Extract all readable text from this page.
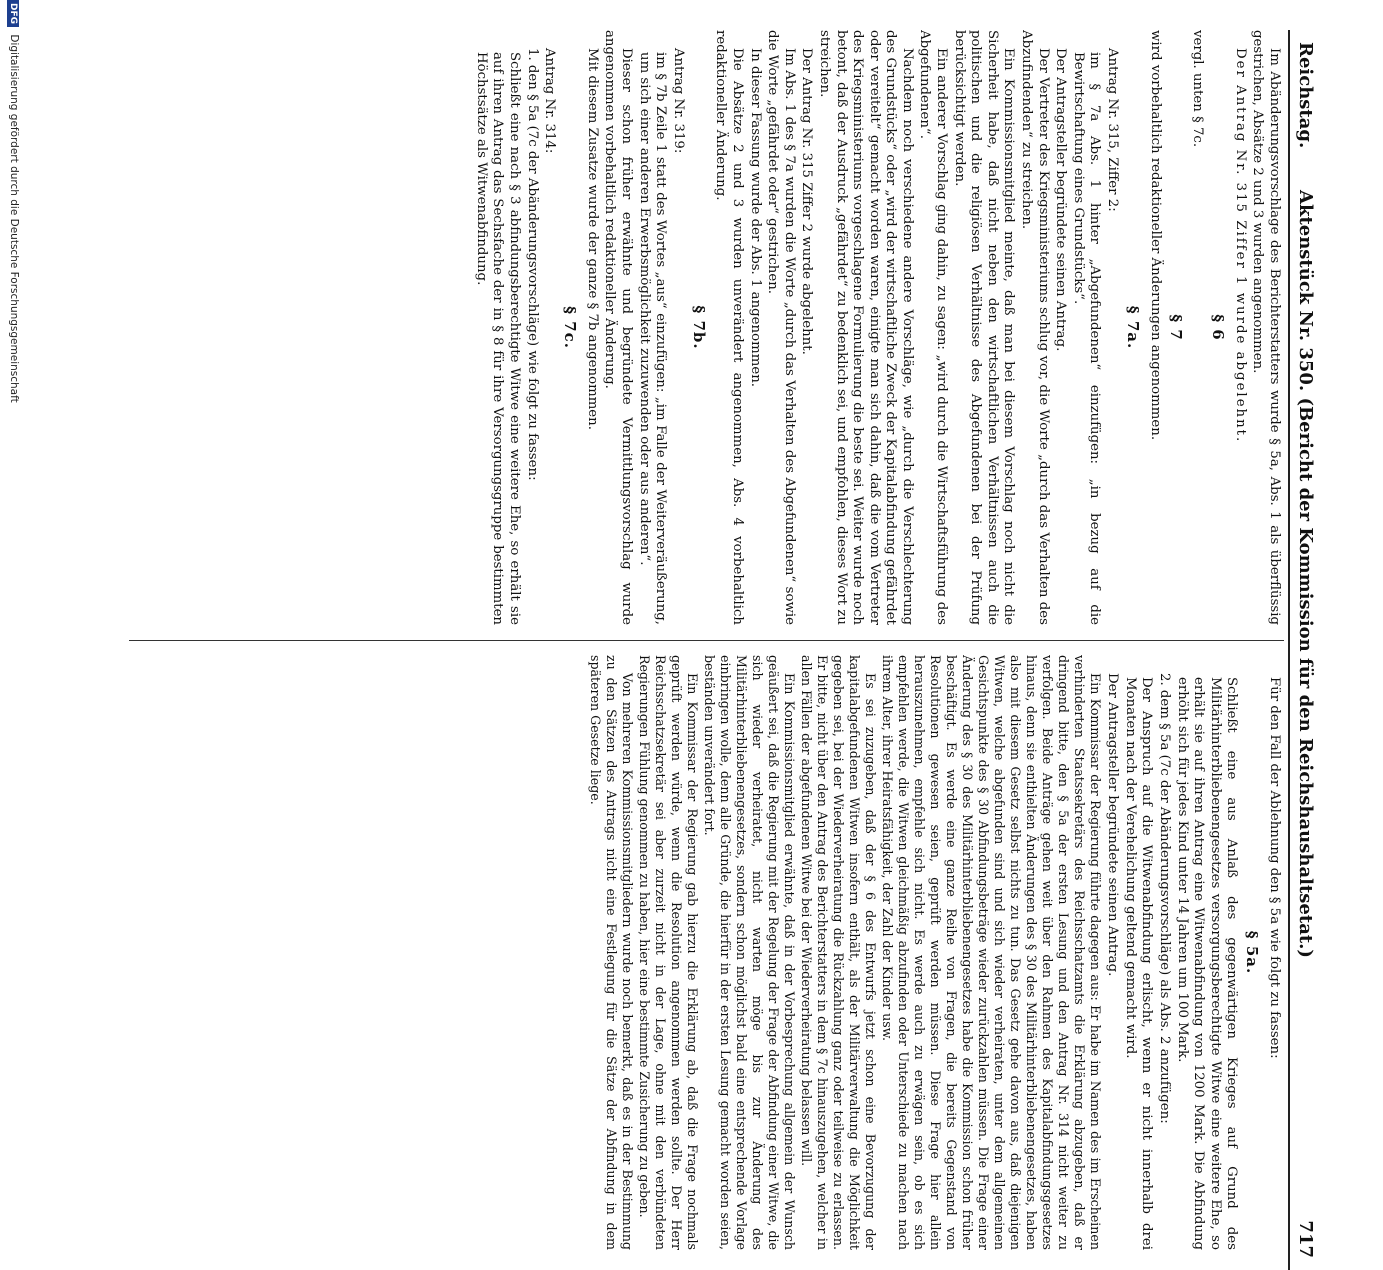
Reichstag.
Aktenstück Nr. 350. (Bericht der Kommission für den Reichshaushaltsetat.)
717

Im Abänderungsvorschlage des Berichterstatters wurde § 5a, Abs. 1 als überflüssig gestrichen, Absätze 2 und 3 wurden angenommen.

Der Antrag Nr. 315 Ziffer 1 wurde abgelehnt.

§ 6

vergl. unten § 7c.

§ 7

wird vorbehaltlich redaktioneller Änderungen angenommen.

§ 7a.

Antrag Nr. 315, Ziffer 2:

im § 7a Abs. 1 hinter „Abgefundenen“ einzufügen: „in bezug auf die Bewirtschaftung eines Grundstücks“.

Der Antragsteller begründete seinen Antrag.

Der Vertreter des Kriegsministeriums schlug vor, die Worte „durch das Verhalten des Abzufindenden“ zu streichen.

Ein Kommissionsmitglied meinte, daß man bei diesem Vorschlag noch nicht die Sicherheit habe, daß nicht neben den wirtschaftlichen Verhältnissen auch die politischen und die religiösen Verhältnisse des Abgefundenen bei der Prüfung berücksichtigt werden.

Ein anderer Vorschlag ging dahin, zu sagen: „wird durch die Wirtschaftsführung des Abgefundenen“.

Nachdem noch verschiedene andere Vorschläge, wie „durch die Verschlechterung des Grundstücks“ oder „wird der wirtschaftliche Zweck der Kapitalabfindung gefährdet oder vereitelt“ gemacht worden waren, einigte man sich dahin, daß die vom Vertreter des Kriegsministeriums vorgeschlagene Formulierung die beste sei. Weiter wurde noch betont, daß der Ausdruck „gefährdet“ zu bedenklich sei, und empfohlen, dieses Wort zu streichen.

Der Antrag Nr. 315 Ziffer 2 wurde abgelehnt.

Im Abs. 1 des § 7a wurden die Worte „durch das Verhalten des Abgefundenen“ sowie die Worte „gefährdet oder“ gestrichen.

In dieser Fassung wurde der Abs. 1 angenommen.

Die Absätze 2 und 3 wurden unverändert angenommen, Abs. 4 vorbehaltlich redaktioneller Änderung.

§ 7b.

Antrag Nr. 319:

im § 7b Zeile 1 statt des Wortes „aus“ einzufügen: „im Falle der Weiterveräußerung, um sich einer anderen Erwerbsmöglichkeit zuzuwenden oder aus anderen“.

Dieser schon früher erwähnte und begründete Vermittlungsvorschlag wurde angenommen vorbehaltlich redaktioneller Änderung.

Mit diesem Zusatze wurde der ganze § 7b angenommen.

§ 7c.

Antrag Nr. 314:

1. den § 5a (7c der Abänderungsvorschläge) wie folgt zu fassen:

Schließt eine nach § 3 abfindungsberechtigte Witwe eine weitere Ehe, so erhält sie auf ihren Antrag das Sechsfache der in § 8 für ihre Versorgungsgruppe bestimmten Höchstsätze als Witwenabfindung.

Für den Fall der Ablehnung den § 5a wie folgt zu fassen:

§ 5a.

Schließt eine aus Anlaß des gegenwärtigen Krieges auf Grund des Militärhinterbliebenengesetzes versorgungsberechtigte Witwe eine weitere Ehe, so erhält sie auf ihren Antrag eine Witwenabfindung von 1200 Mark. Die Abfindung erhöht sich für jedes Kind unter 14 Jahren um 100 Mark.

2. dem § 5a (7c der Abänderungsvorschläge) als Abs. 2 anzufügen:

Der Anspruch auf die Witwenabfindung erlischt, wenn er nicht innerhalb drei Monaten nach der Verehelichung geltend gemacht wird.

Der Antragsteller begründete seinen Antrag.

Ein Kommissar der Regierung führte dagegen aus: Er habe im Namen des im Erscheinen verhinderten Staatssekretärs des Reichsschatzamts die Erklärung abzugeben, daß er dringend bitte, den § 5a der ersten Lesung und den Antrag Nr. 314 nicht weiter zu verfolgen. Beide Anträge gehen weit über den Rahmen des Kapitalabfindungsgesetzes hinaus, denn sie enthielten Änderungen des § 30 des Militärhinterbliebenengesetzes, haben also mit diesem Gesetz selbst nichts zu tun. Das Gesetz gehe davon aus, daß diejenigen Witwen, welche abgefunden sind und sich wieder verheiraten, unter dem allgemeinen Gesichtspunkte des § 30 Abfindungsbeträge wieder zurückzahlen müssen. Die Frage einer Änderung des § 30 des Militärhinterbliebenengesetzes habe die Kommission schon früher beschäftigt. Es werde eine ganze Reihe von Fragen, die bereits Gegenstand von Resolutionen gewesen seien, geprüft werden müssen. Diese Frage hier allein herauszunehmen, empfehle sich nicht. Es werde auch zu erwägen sein, ob es sich empfehlen werde, die Witwen gleichmäßig abzufinden oder Unterschiede zu machen nach ihrem Alter, ihrer Heiratsfähigkeit, der Zahl der Kinder usw.

Es sei zuzugeben, daß der § 6 des Entwurfs jetzt schon eine Bevorzugung der kapitalabgefundenen Witwen insofern enthält, als der Militärverwaltung die Möglichkeit gegeben sei, bei der Wiederverheiratung die Rückzahlung ganz oder teilweise zu erlassen. Er bitte, nicht über den Antrag des Berichterstatters in dem § 7c hinauszugehen, welcher in allen Fällen der abgefundenen Witwe bei der Wiederverheiratung belassen will.

Ein Kommissionsmitglied erwähnte, daß in der Vorbesprechung allgemein der Wunsch geäußert sei, daß die Regierung mit der Regelung der Frage der Abfindung einer Witwe, die sich wieder verheiratet, nicht warten möge bis zur Änderung des Militärhinterbliebenengesetzes, sondern schon möglichst bald eine entsprechende Vorlage einbringen wolle, denn alle Gründe, die hierfür in der ersten Lesung gemacht worden seien, beständen unverändert fort.

Ein Kommissar der Regierung gab hierzu die Erklärung ab, daß die Frage nochmals geprüft werden würde, wenn die Resolution angenommen werden sollte. Der Herr Reichsschatzsekretär sei aber zurzeit nicht in der Lage, ohne mit den verbündeten Regierungen Fühlung genommen zu haben, hier eine bestimmte Zusicherung zu geben.

Von mehreren Kommissionsmitgliedern wurde noch bemerkt, daß es in der Bestimmung zu den Sätzen des Antrags nicht eine Festlegung für die Sätze der Abfindung in dem späteren Gesetze liege.

DFG Digitalisierung gefördert durch die Deutsche Forschungsgemeinschaft
